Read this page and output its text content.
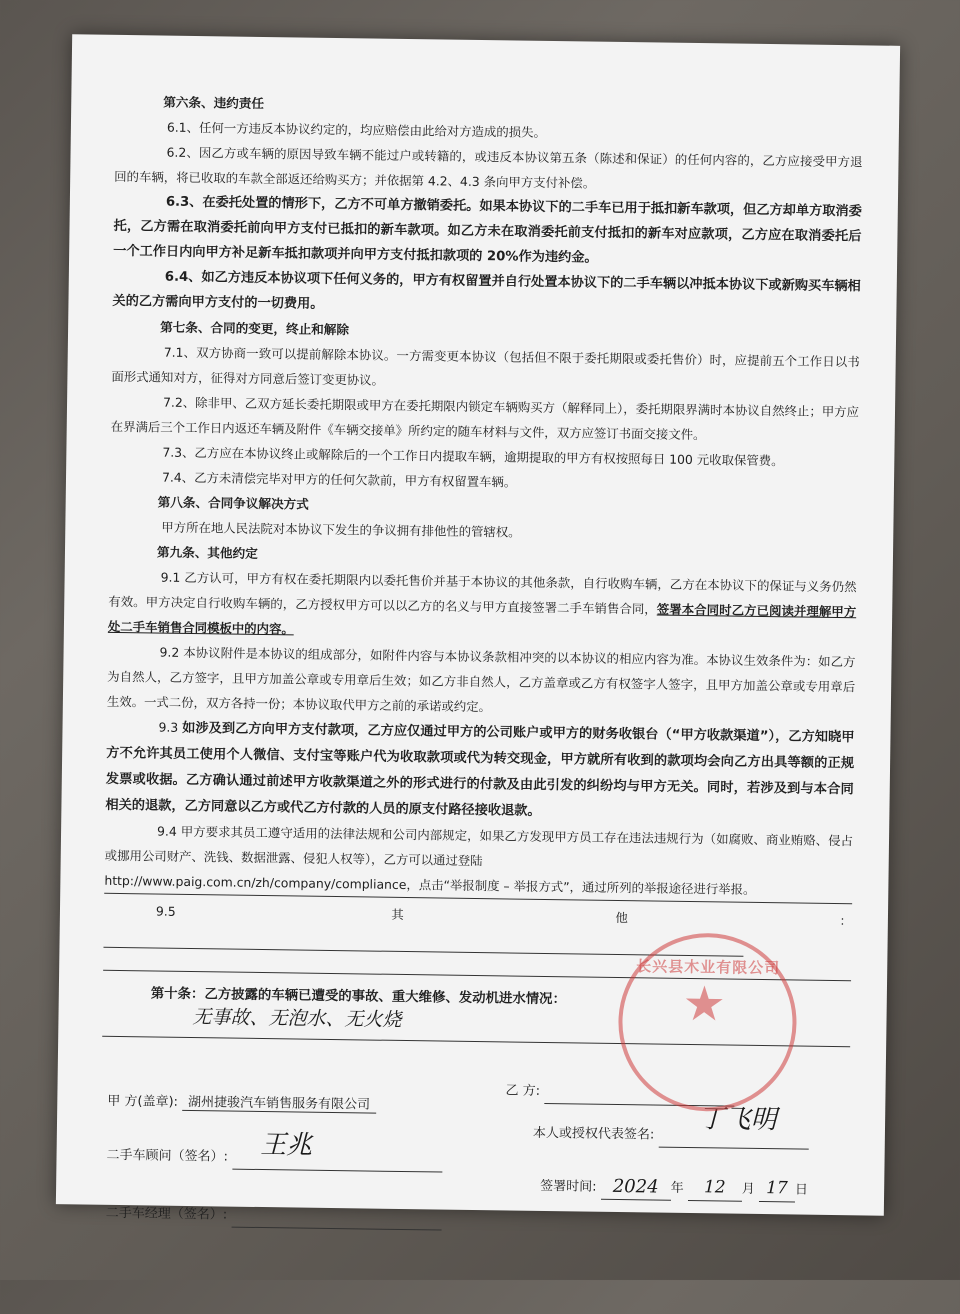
第六条、违约责任
6.1、任何一方违反本协议约定的，均应赔偿由此给对方造成的损失。
6.2、因乙方或车辆的原因导致车辆不能过户或转籍的，或违反本协议第五条（陈述和保证）的任何内容的，乙方应接受甲方退回的车辆，将已收取的车款全部返还给购买方；并依据第 4.2、4.3 条向甲方支付补偿。
6.3、在委托处置的情形下，乙方不可单方撤销委托。如果本协议下的二手车已用于抵扣新车款项，但乙方却单方取消委托，乙方需在取消委托前向甲方支付已抵扣的新车款项。如乙方未在取消委托前支付抵扣的新车对应款项，乙方应在取消委托后一个工作日内向甲方补足新车抵扣款项并向甲方支付抵扣款项的 20%作为违约金。
6.4、如乙方违反本协议项下任何义务的，甲方有权留置并自行处置本协议下的二手车辆以冲抵本协议下或新购买车辆相关的乙方需向甲方支付的一切费用。
第七条、合同的变更，终止和解除
7.1、双方协商一致可以提前解除本协议。一方需变更本协议（包括但不限于委托期限或委托售价）时，应提前五个工作日以书面形式通知对方，征得对方同意后签订变更协议。
7.2、除非甲、乙双方延长委托期限或甲方在委托期限内锁定车辆购买方（解释同上），委托期限界满时本协议自然终止；甲方应在界满后三个工作日内返还车辆及附件《车辆交接单》所约定的随车材料与文件，双方应签订书面交接文件。
7.3、乙方应在本协议终止或解除后的一个工作日内提取车辆，逾期提取的甲方有权按照每日 100 元收取保管费。
7.4、乙方未清偿完毕对甲方的任何欠款前，甲方有权留置车辆。
第八条、合同争议解决方式
甲方所在地人民法院对本协议下发生的争议拥有排他性的管辖权。
第九条、其他约定
9.1 乙方认可，甲方有权在委托期限内以委托售价并基于本协议的其他条款，自行收购车辆，乙方在本协议下的保证与义务仍然有效。甲方决定自行收购车辆的，乙方授权甲方可以以乙方的名义与甲方直接签署二手车销售合同，签署本合同时乙方已阅读并理解甲方处二手车销售合同模板中的内容。
9.2 本协议附件是本协议的组成部分，如附件内容与本协议条款相冲突的以本协议的相应内容为准。本协议生效条件为：如乙方为自然人，乙方签字，且甲方加盖公章或专用章后生效；如乙方非自然人，乙方盖章或乙方有权签字人签字，且甲方加盖公章或专用章后生效。一式二份，双方各持一份；本协议取代甲方之前的承诺或约定。
9.3 如涉及到乙方向甲方支付款项，乙方应仅通过甲方的公司账户或甲方的财务收银台（“甲方收款渠道”），乙方知晓甲方不允许其员工使用个人微信、支付宝等账户代为收取款项或代为转交现金，甲方就所有收到的款项均会向乙方出具等额的正规发票或收据。乙方确认通过前述甲方收款渠道之外的形式进行的付款及由此引发的纠纷均与甲方无关。同时，若涉及到与本合同相关的退款，乙方同意以乙方或代乙方付款的人员的原支付路径接收退款。
9.4 甲方要求其员工遵守适用的法律法规和公司内部规定，如果乙方发现甲方员工存在违法违规行为（如腐败、商业贿赂、侵占或挪用公司财产、洗钱、数据泄露、侵犯人权等），乙方可以通过登陆
http://www.paig.com.cn/zh/company/compliance，点击“举报制度 – 举报方式”，通过所列的举报途径进行举报。
9.5 其他：
第十条：乙方披露的车辆已遭受的事故、重大维修、发动机进水情况：
无事故、无泡水、无火烧
甲 方(盖章): 湖州捷骏汽车销售服务有限公司
乙 方:
二手车顾问（签名）: 王兆	本人或授权代表签名: 丁飞明
签署时间: 2024 年 12 月 17 日
二手车经理（签名）:
长兴县木业有限公司
★
